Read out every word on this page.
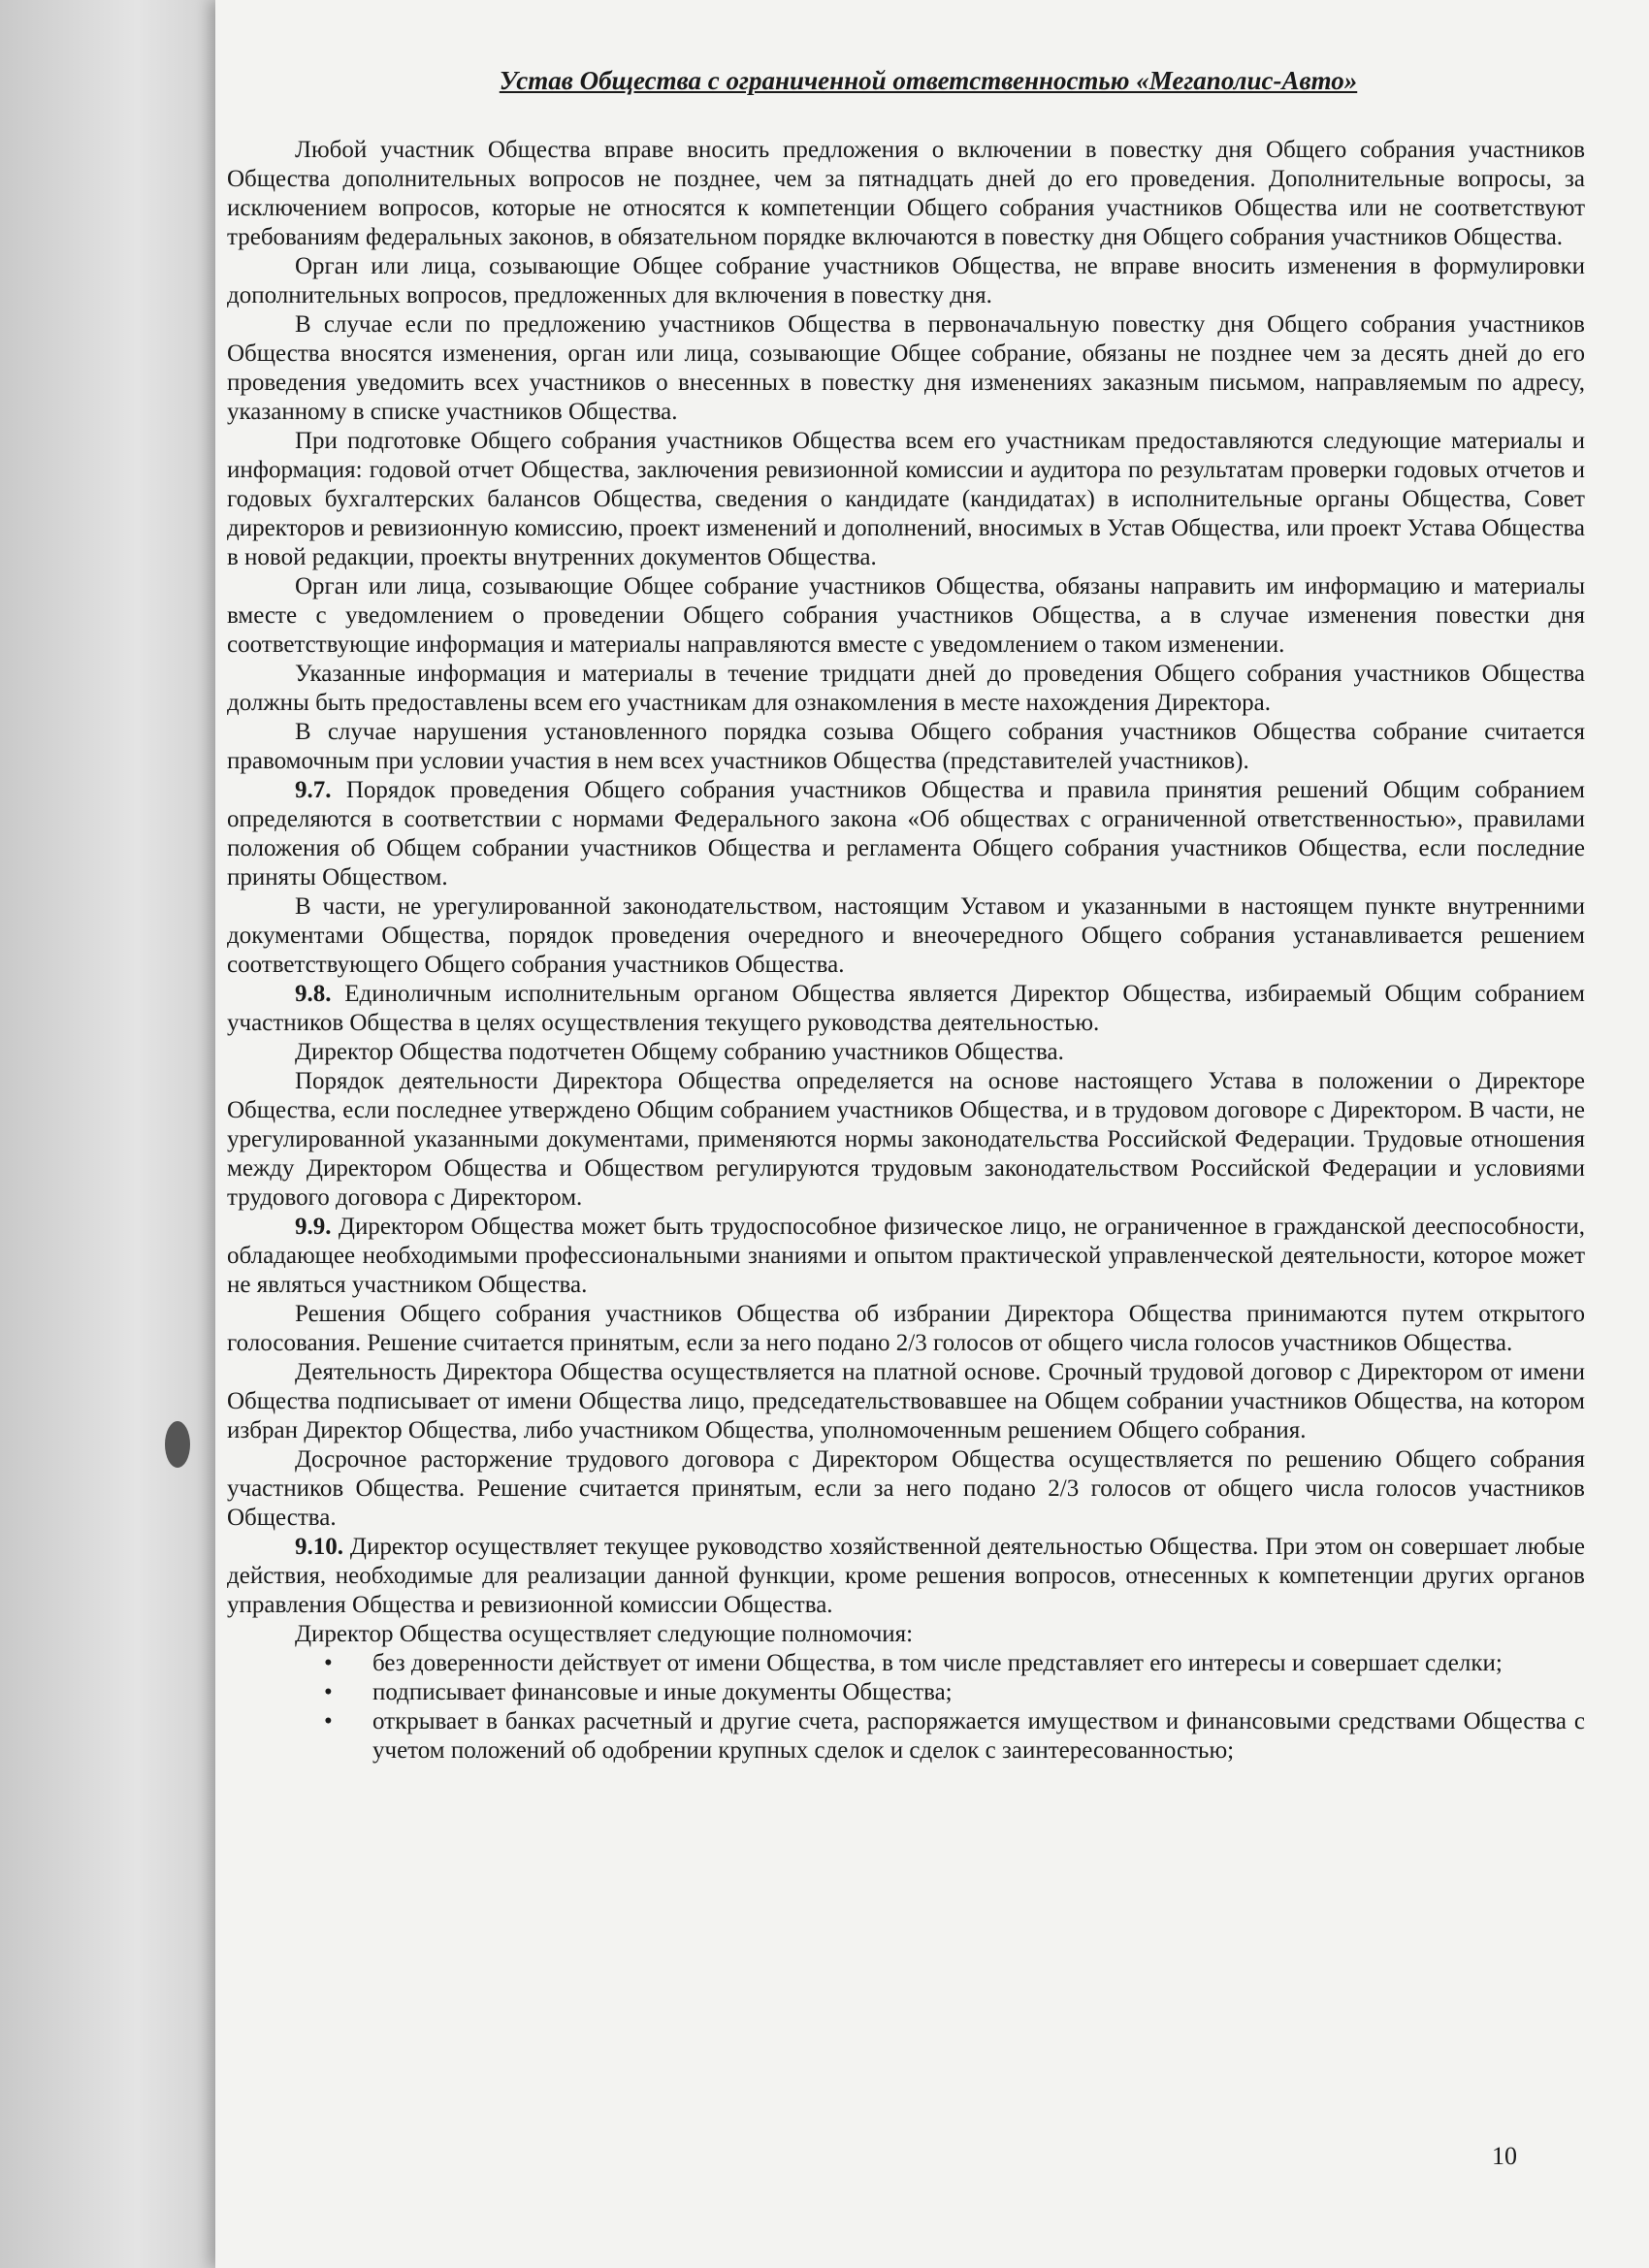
Устав Общества с ограниченной ответственностью «Мегаполис-Авто»

Любой участник Общества вправе вносить предложения о включении в повестку дня Общего собрания участников Общества дополнительных вопросов не позднее, чем за пятнадцать дней до его проведения. Дополнительные вопросы, за исключением вопросов, которые не относятся к компетенции Общего собрания участников Общества или не соответствуют требованиям федеральных законов, в обязательном порядке включаются в повестку дня Общего собрания участников Общества.

Орган или лица, созывающие Общее собрание участников Общества, не вправе вносить изменения в формулировки дополнительных вопросов, предложенных для включения в повестку дня.

В случае если по предложению участников Общества в первоначальную повестку дня Общего собрания участников Общества вносятся изменения, орган или лица, созывающие Общее собрание, обязаны не позднее чем за десять дней до его проведения уведомить всех участников о внесенных в повестку дня изменениях заказным письмом, направляемым по адресу, указанному в списке участников Общества.

При подготовке Общего собрания участников Общества всем его участникам предоставляются следующие материалы и информация: годовой отчет Общества, заключения ревизионной комиссии и аудитора по результатам проверки годовых отчетов и годовых бухгалтерских балансов Общества, сведения о кандидате (кандидатах) в исполнительные органы Общества, Совет директоров и ревизионную комиссию, проект изменений и дополнений, вносимых в Устав Общества, или проект Устава Общества в новой редакции, проекты внутренних документов Общества.

Орган или лица, созывающие Общее собрание участников Общества, обязаны направить им информацию и материалы вместе с уведомлением о проведении Общего собрания участников Общества, а в случае изменения повестки дня соответствующие информация и материалы направляются вместе с уведомлением о таком изменении.

Указанные информация и материалы в течение тридцати дней до проведения Общего собрания участников Общества должны быть предоставлены всем его участникам для ознакомления в месте нахождения Директора.

В случае нарушения установленного порядка созыва Общего собрания участников Общества собрание считается правомочным при условии участия в нем всех участников Общества (представителей участников).

9.7. Порядок проведения Общего собрания участников Общества и правила принятия решений Общим собранием определяются в соответствии с нормами Федерального закона «Об обществах с ограниченной ответственностью», правилами положения об Общем собрании участников Общества и регламента Общего собрания участников Общества, если последние приняты Обществом.

В части, не урегулированной законодательством, настоящим Уставом и указанными в настоящем пункте внутренними документами Общества, порядок проведения очередного и внеочередного Общего собрания устанавливается решением соответствующего Общего собрания участников Общества.

9.8. Единоличным исполнительным органом Общества является Директор Общества, избираемый Общим собранием участников Общества в целях осуществления текущего руководства деятельностью.

Директор Общества подотчетен Общему собранию участников Общества.

Порядок деятельности Директора Общества определяется на основе настоящего Устава в положении о Директоре Общества, если последнее утверждено Общим собранием участников Общества, и в трудовом договоре с Директором. В части, не урегулированной указанными документами, применяются нормы законодательства Российской Федерации. Трудовые отношения между Директором Общества и Обществом регулируются трудовым законодательством Российской Федерации и условиями трудового договора с Директором.

9.9. Директором Общества может быть трудоспособное физическое лицо, не ограниченное в гражданской дееспособности, обладающее необходимыми профессиональными знаниями и опытом практической управленческой деятельности, которое может не являться участником Общества.

Решения Общего собрания участников Общества об избрании Директора Общества принимаются путем открытого голосования. Решение считается принятым, если за него подано 2/3 голосов от общего числа голосов участников Общества.

Деятельность Директора Общества осуществляется на платной основе. Срочный трудовой договор с Директором от имени Общества подписывает от имени Общества лицо, председательствовавшее на Общем собрании участников Общества, на котором избран Директор Общества, либо участником Общества, уполномоченным решением Общего собрания.

Досрочное расторжение трудового договора с Директором Общества осуществляется по решению Общего собрания участников Общества. Решение считается принятым, если за него подано 2/3 голосов от общего числа голосов участников Общества.

9.10. Директор осуществляет текущее руководство хозяйственной деятельностью Общества. При этом он совершает любые действия, необходимые для реализации данной функции, кроме решения вопросов, отнесенных к компетенции других органов управления Общества и ревизионной комиссии Общества.

Директор Общества осуществляет следующие полномочия:

• без доверенности действует от имени Общества, в том числе представляет его интересы и совершает сделки;
• подписывает финансовые и иные документы Общества;
• открывает в банках расчетный и другие счета, распоряжается имуществом и финансовыми средствами Общества с учетом положений об одобрении крупных сделок и сделок с заинтересованностью;
10
